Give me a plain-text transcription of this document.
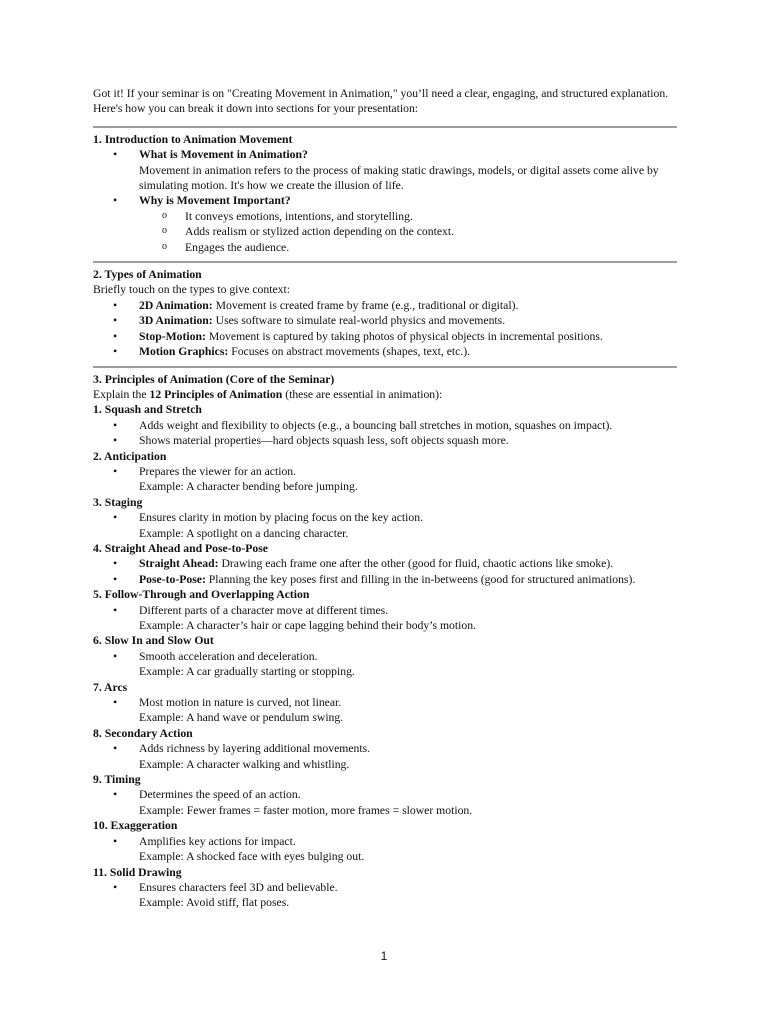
Got it! If your seminar is on "Creating Movement in Animation," you’ll need a clear, engaging, and structured explanation. Here's how you can break it down into sections for your presentation:

1. Introduction to Animation Movement
• What is Movement in Animation?
Movement in animation refers to the process of making static drawings, models, or digital assets come alive by simulating motion. It's how we create the illusion of life.
• Why is Movement Important?
o It conveys emotions, intentions, and storytelling.
o Adds realism or stylized action depending on the context.
o Engages the audience.
2. Types of Animation

Briefly touch on the types to give context:

• 2D Animation: Movement is created frame by frame (e.g., traditional or digital).
• 3D Animation: Uses software to simulate real-world physics and movements.
• Stop-Motion: Movement is captured by taking photos of physical objects in incremental positions.
• Motion Graphics: Focuses on abstract movements (shapes, text, etc.).
3. Principles of Animation (Core of the Seminar)

Explain the 12 Principles of Animation (these are essential in animation):

1. Squash and Stretch
• Adds weight and flexibility to objects (e.g., a bouncing ball stretches in motion, squashes on impact).
• Shows material properties—hard objects squash less, soft objects squash more.
2. Anticipation
• Prepares the viewer for an action.
Example: A character bending before jumping.
3. Staging
• Ensures clarity in motion by placing focus on the key action.
Example: A spotlight on a dancing character.
4. Straight Ahead and Pose-to-Pose
• Straight Ahead: Drawing each frame one after the other (good for fluid, chaotic actions like smoke).
• Pose-to-Pose: Planning the key poses first and filling in the in-betweens (good for structured animations).
5. Follow-Through and Overlapping Action
• Different parts of a character move at different times.
Example: A character’s hair or cape lagging behind their body’s motion.
6. Slow In and Slow Out
• Smooth acceleration and deceleration.
Example: A car gradually starting or stopping.
7. Arcs
• Most motion in nature is curved, not linear.
Example: A hand wave or pendulum swing.
8. Secondary Action
• Adds richness by layering additional movements.
Example: A character walking and whistling.
9. Timing
• Determines the speed of an action.
Example: Fewer frames = faster motion, more frames = slower motion.
10. Exaggeration
• Amplifies key actions for impact.
Example: A shocked face with eyes bulging out.
11. Solid Drawing
• Ensures characters feel 3D and believable.
Example: Avoid stiff, flat poses.
1
